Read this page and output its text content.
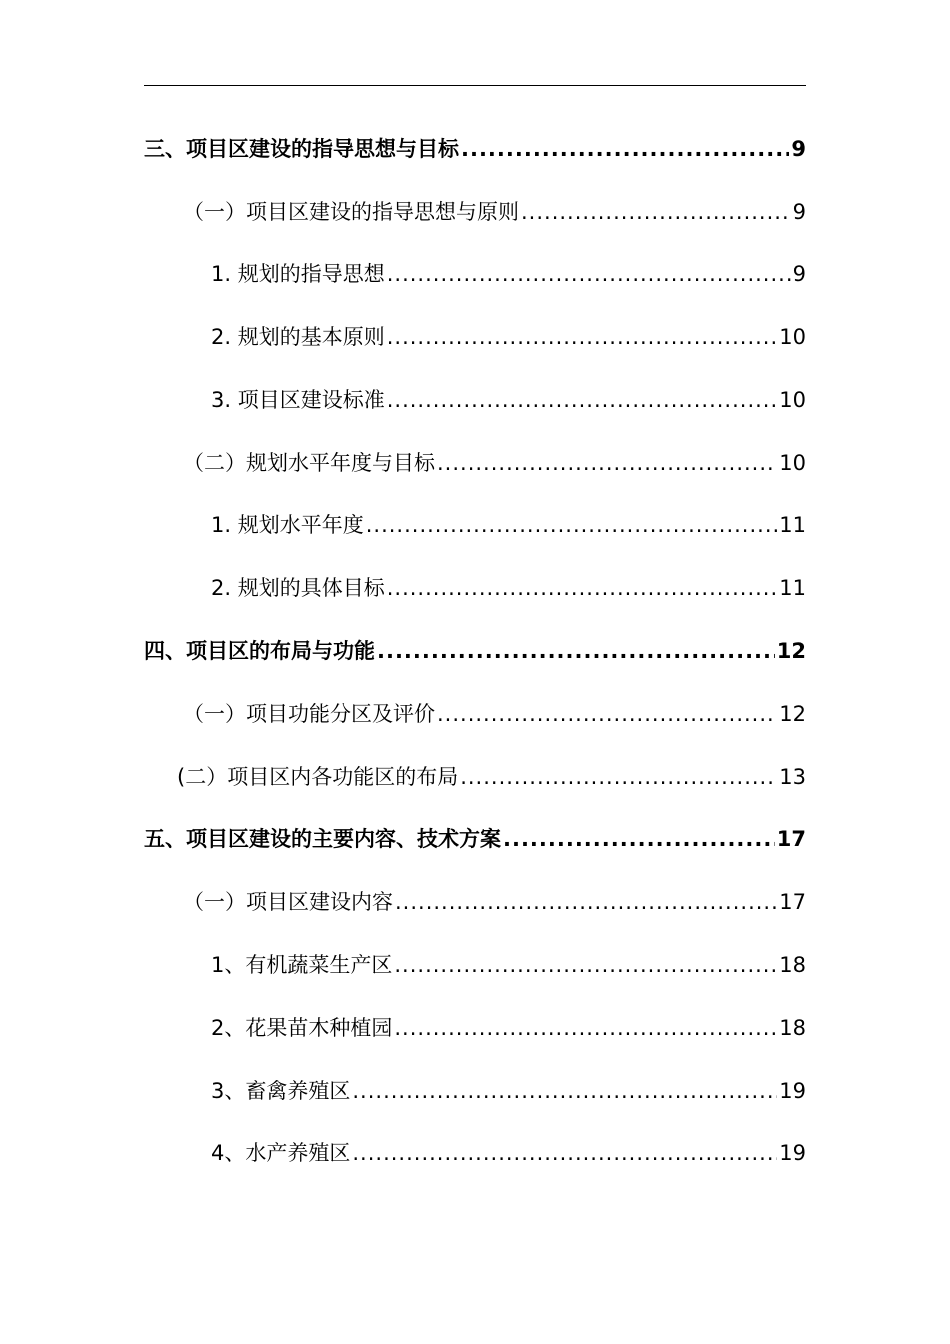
三、项目区建设的指导思想与目标 .....	9
（一）项目区建设的指导思想与原则 .....	9
1. 规划的指导思想 .....	9
2. 规划的基本原则 .....	10
3. 项目区建设标准 .....	10
（二）规划水平年度与目标 .....	10
1. 规划水平年度 .....	11
2. 规划的具体目标 .....	11
四、项目区的布局与功能 .....	12
（一）项目功能分区及评价 .....	12
(二）项目区内各功能区的布局 .....	13
五、项目区建设的主要内容、技术方案 .....	17
（一）项目区建设内容 .....	17
1、有机蔬菜生产区 .....	18
2、花果苗木种植园 .....	18
3、畜禽养殖区 .....	19
4、水产养殖区 .....	19
